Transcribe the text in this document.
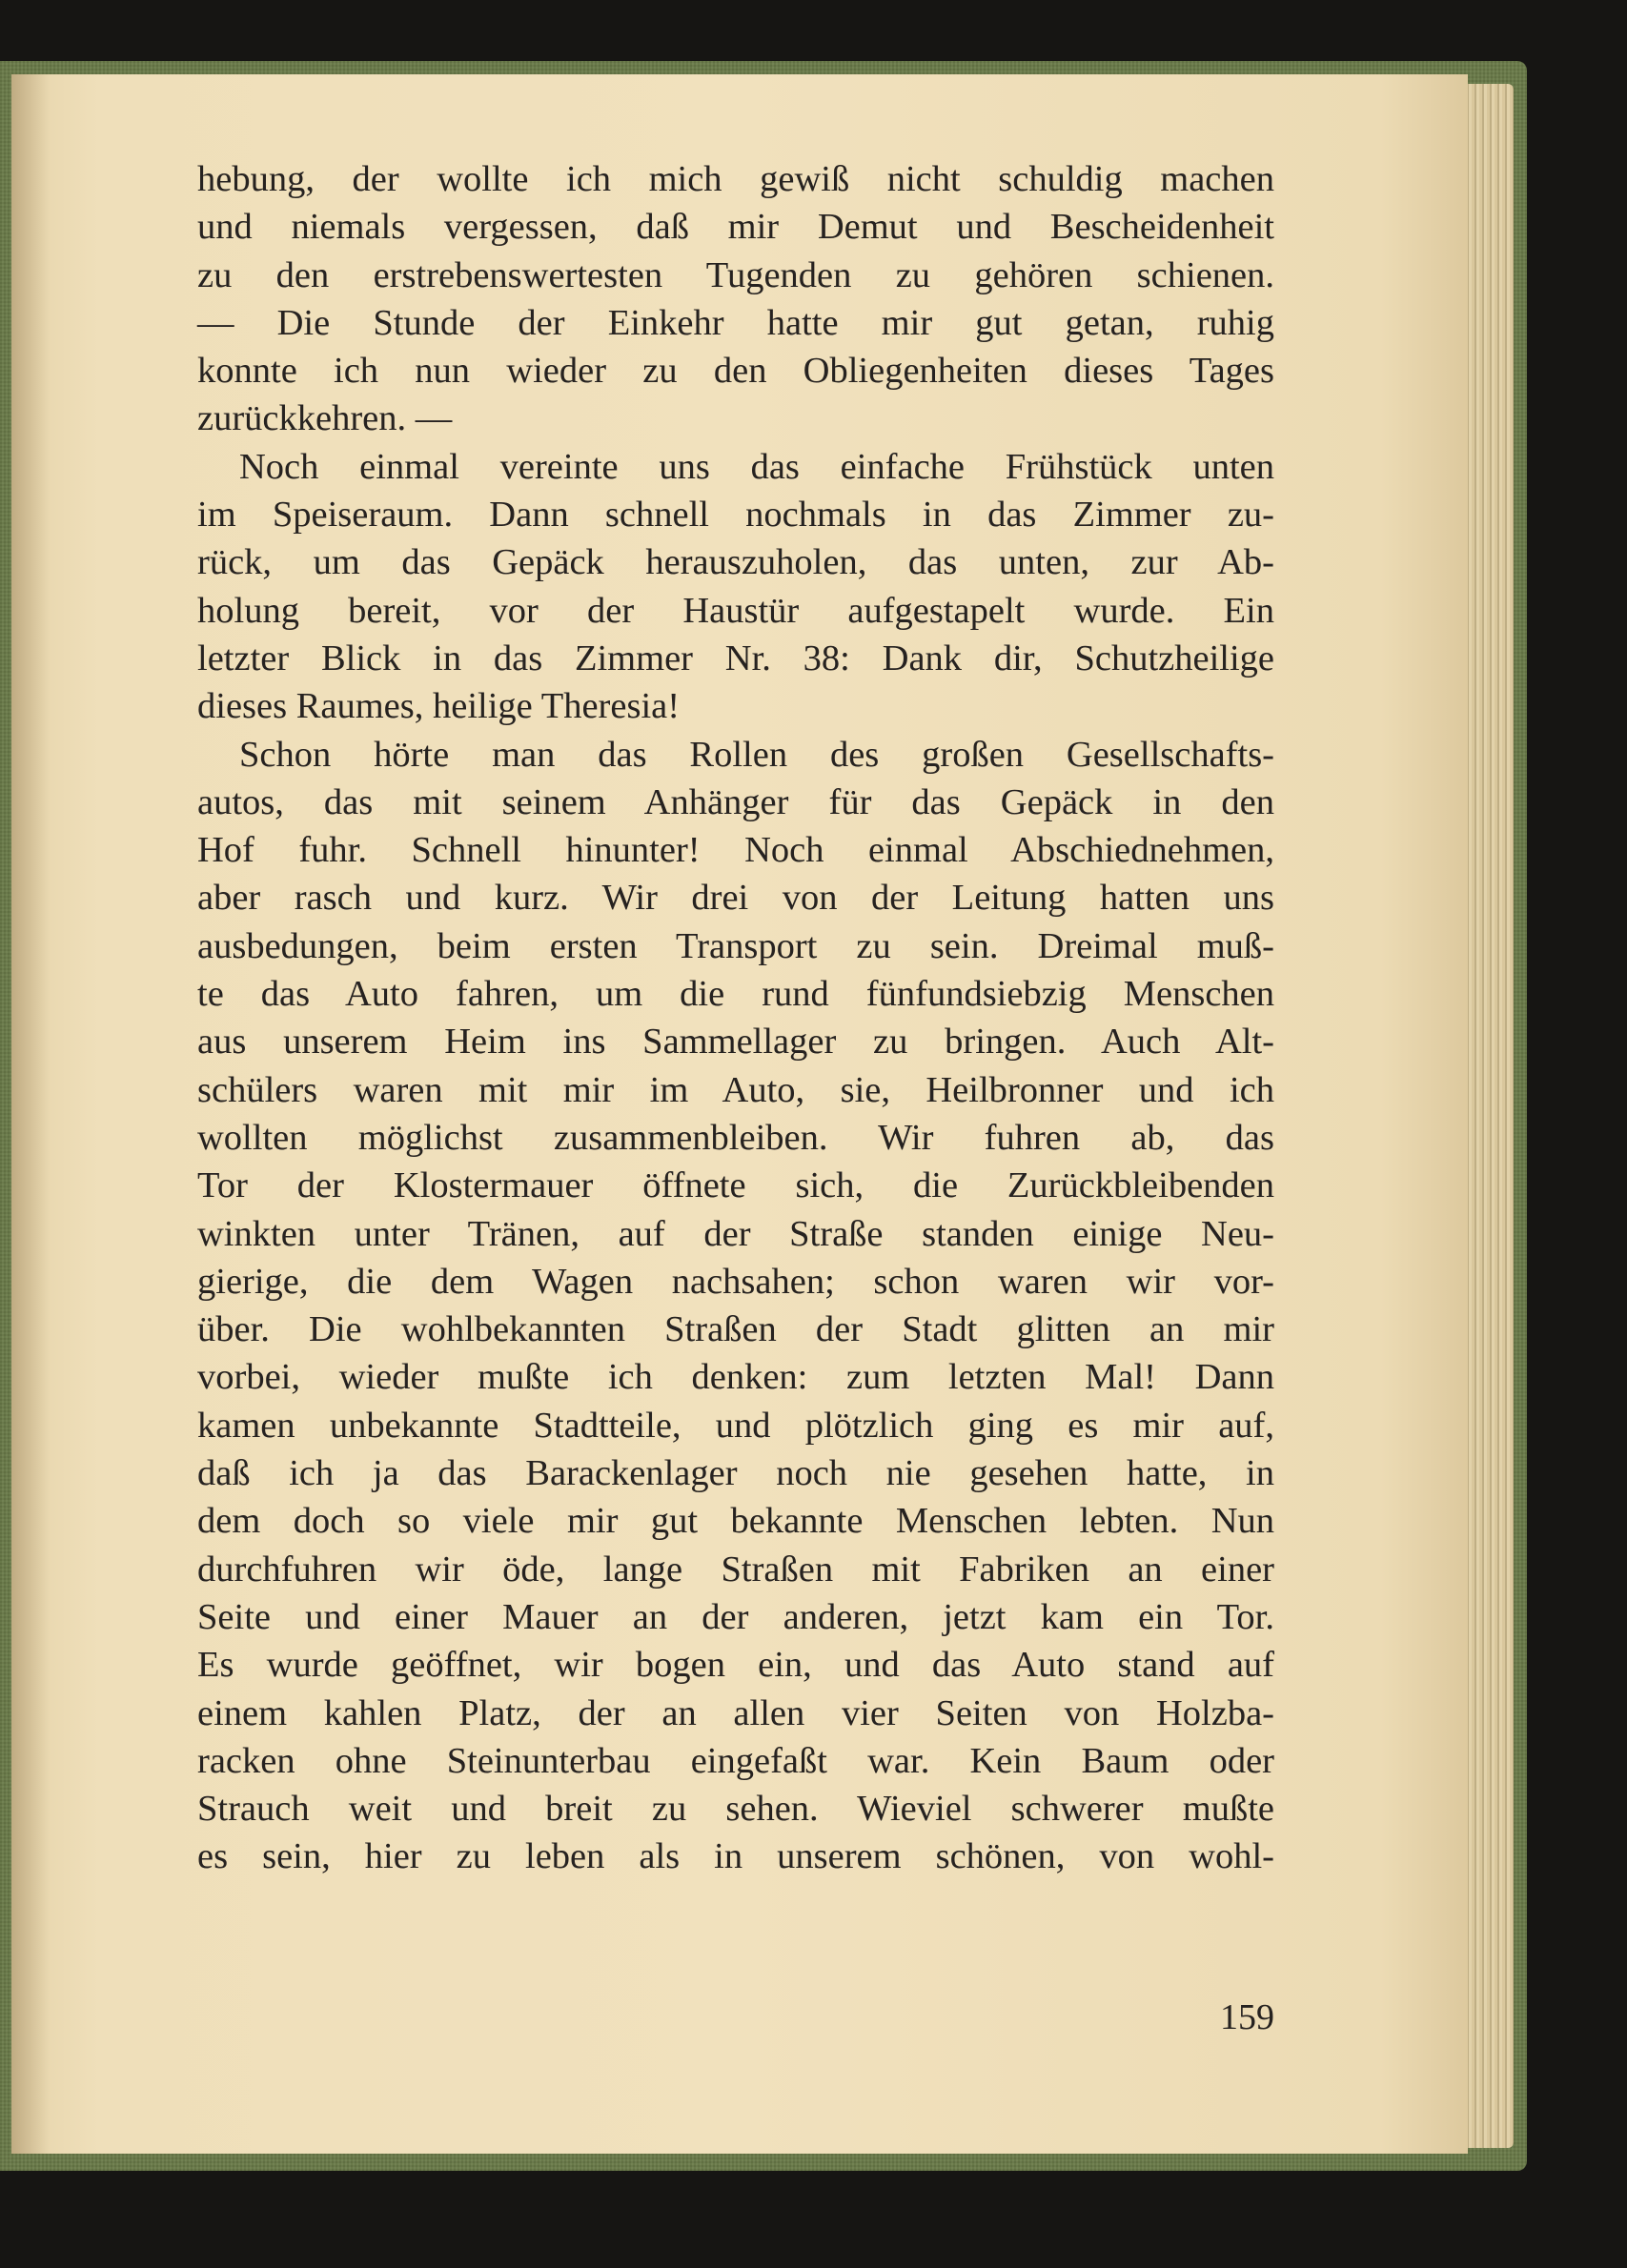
hebung, der wollte ich mich gewiß nicht schuldig machen
und niemals vergessen, daß mir Demut und Bescheidenheit
zu den erstrebenswertesten Tugenden zu gehören schienen.
— Die Stunde der Einkehr hatte mir gut getan, ruhig
konnte ich nun wieder zu den Obliegenheiten dieses Tages
zurückkehren. —
Noch einmal vereinte uns das einfache Frühstück unten
im Speiseraum. Dann schnell nochmals in das Zimmer zu-
rück, um das Gepäck herauszuholen, das unten, zur Ab-
holung bereit, vor der Haustür aufgestapelt wurde. Ein
letzter Blick in das Zimmer Nr. 38: Dank dir, Schutzheilige
dieses Raumes, heilige Theresia!
Schon hörte man das Rollen des großen Gesellschafts-
autos, das mit seinem Anhänger für das Gepäck in den
Hof fuhr. Schnell hinunter! Noch einmal Abschiednehmen,
aber rasch und kurz. Wir drei von der Leitung hatten uns
ausbedungen, beim ersten Transport zu sein. Dreimal muß-
te das Auto fahren, um die rund fünfundsiebzig Menschen
aus unserem Heim ins Sammellager zu bringen. Auch Alt-
schülers waren mit mir im Auto, sie, Heilbronner und ich
wollten möglichst zusammenbleiben. Wir fuhren ab, das
Tor der Klostermauer öffnete sich, die Zurückbleibenden
winkten unter Tränen, auf der Straße standen einige Neu-
gierige, die dem Wagen nachsahen; schon waren wir vor-
über. Die wohlbekannten Straßen der Stadt glitten an mir
vorbei, wieder mußte ich denken: zum letzten Mal! Dann
kamen unbekannte Stadtteile, und plötzlich ging es mir auf,
daß ich ja das Barackenlager noch nie gesehen hatte, in
dem doch so viele mir gut bekannte Menschen lebten. Nun
durchfuhren wir öde, lange Straßen mit Fabriken an einer
Seite und einer Mauer an der anderen, jetzt kam ein Tor.
Es wurde geöffnet, wir bogen ein, und das Auto stand auf
einem kahlen Platz, der an allen vier Seiten von Holzba-
racken ohne Steinunterbau eingefaßt war. Kein Baum oder
Strauch weit und breit zu sehen. Wieviel schwerer mußte
es sein, hier zu leben als in unserem schönen, von wohl-
159
